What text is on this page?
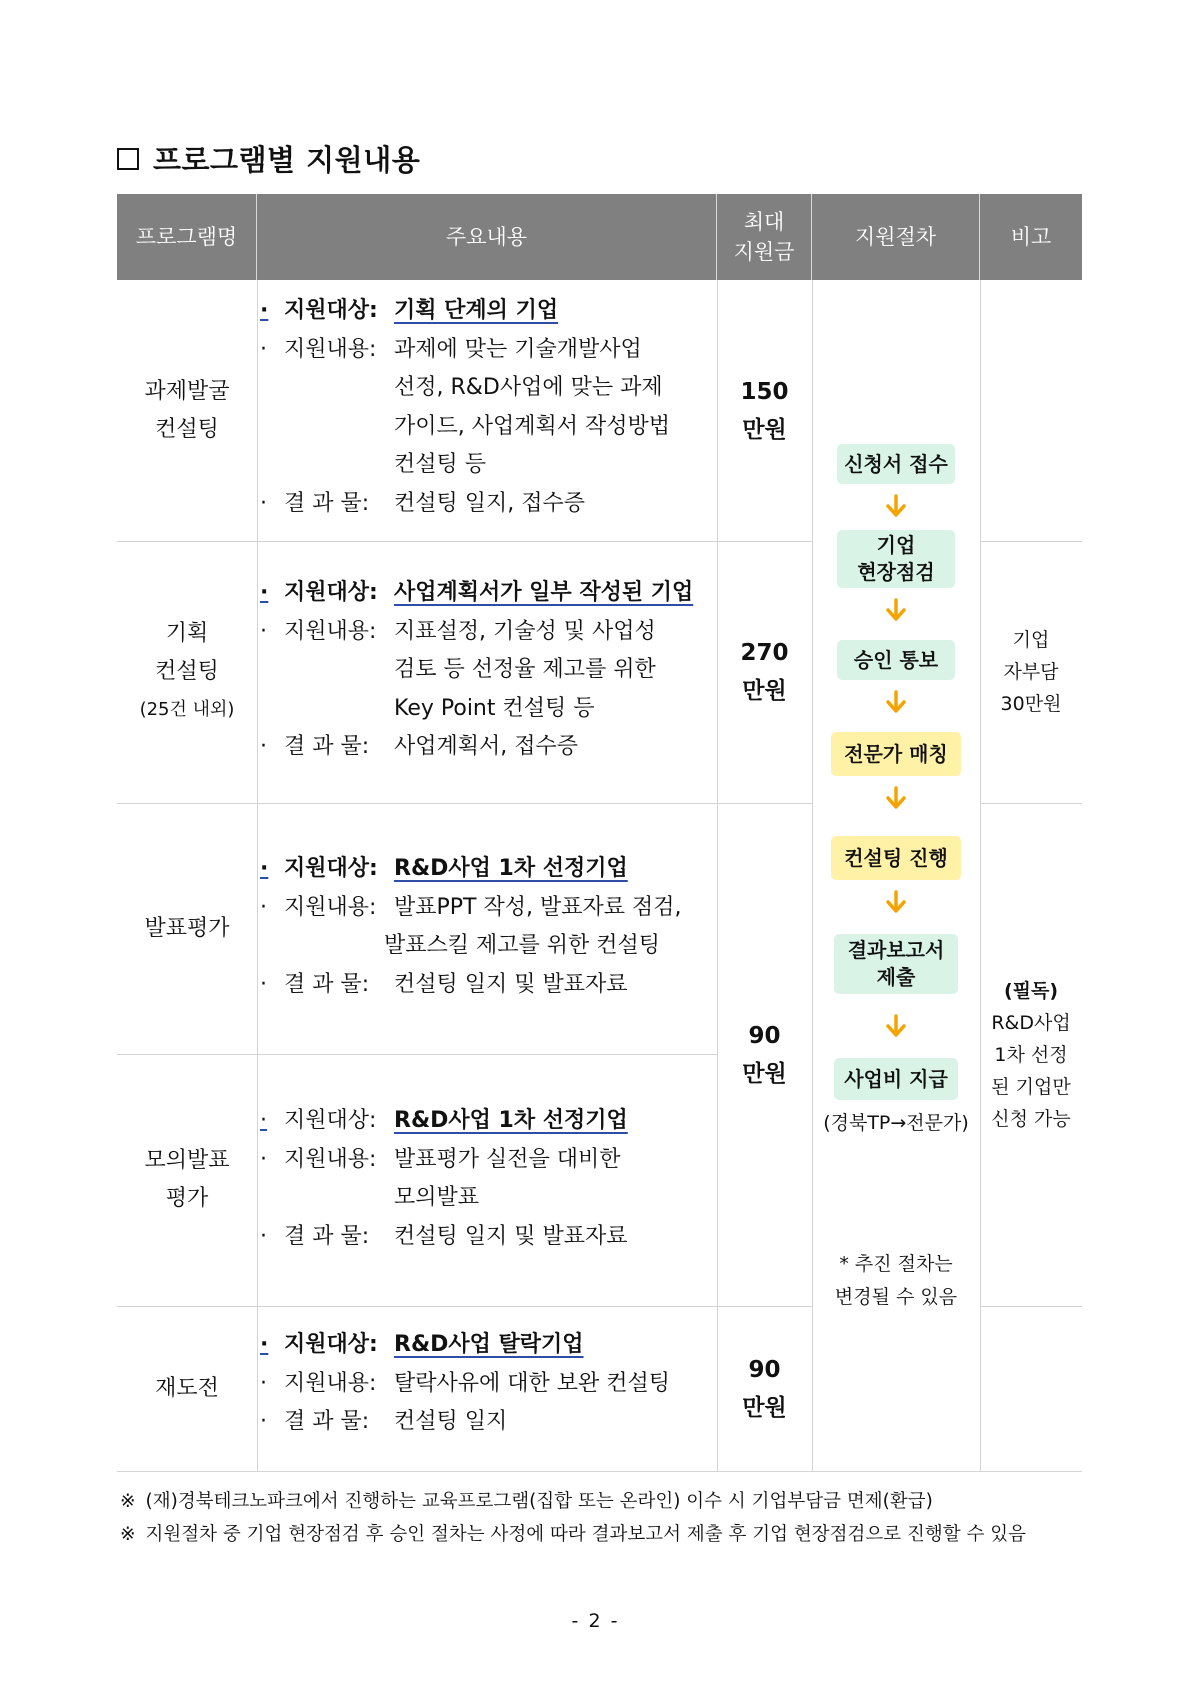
프로그램별 지원내용
프로그램명	주요내용
최대
지원금
지원절차	비고
과제발굴
컨설팅
· 지원대상: 기획 단계의 기업
· 지원내용: 과제에 맞는 기술개발사업
선정, R&D사업에 맞는 과제
가이드, 사업계획서 작성방법
컨설팅 등
· 결 과 물: 컨설팅 일지, 접수증
150
만원
기획
컨설팅
(25건 내외)
· 지원대상: 사업계획서가 일부 작성된 기업
· 지원내용: 지표설정, 기술성 및 사업성
검토 등 선정율 제고를 위한
Key Point 컨설팅 등
· 결 과 물: 사업계획서, 접수증
270
만원
발표평가
· 지원대상: R&D사업 1차 선정기업
· 지원내용: 발표PPT 작성, 발표자료 점검,
발표스킬 제고를 위한 컨설팅
· 결 과 물: 컨설팅 일지 및 발표자료
90
만원
모의발표
평가
· 지원대상: R&D사업 1차 선정기업
· 지원내용: 발표평가 실전을 대비한
모의발표
· 결 과 물: 컨설팅 일지 및 발표자료
재도전
· 지원대상: R&D사업 탈락기업
· 지원내용: 탈락사유에 대한 보완 컨설팅
· 결 과 물: 컨설팅 일지
90
만원
신청서 접수
기업
현장점검
승인 통보
전문가 매칭
컨설팅 진행
결과보고서
제출
사업비 지급
(경북TP→전문가)
* 추진 절차는
변경될 수 있음
기업
자부담
30만원
(필독)
R&D사업
1차 선정
된 기업만
신청 가능
※ (재)경북테크노파크에서 진행하는 교육프로그램(집합 또는 온라인) 이수 시 기업부담금 면제(환급)
※ 지원절차 중 기업 현장점검 후 승인 절차는 사정에 따라 결과보고서 제출 후 기업 현장점검으로 진행할 수 있음
- 2 -
